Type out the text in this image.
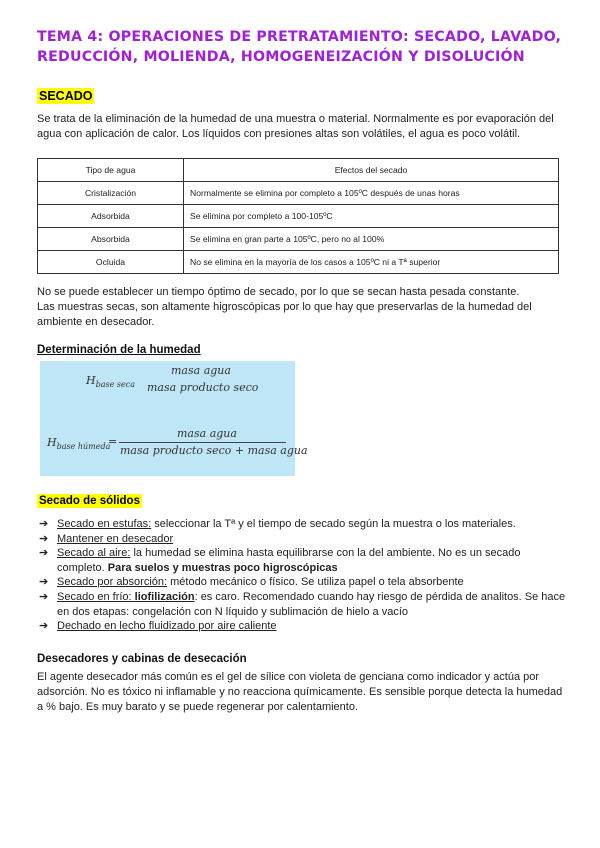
TEMA 4: OPERACIONES DE PRETRATAMIENTO: SECADO, LAVADO, REDUCCIÓN, MOLIENDA, HOMOGENEIZACIÓN Y DISOLUCIÓN
SECADO
Se trata de la eliminación de la humedad de una muestra o material. Normalmente es por evaporación del agua con aplicación de calor. Los líquidos con presiones altas son volátiles, el agua es poco volátil.
Tipo de agua	Efectos del secado
Cristalización	Normalmente se elimina por completo a 105ºC después de unas horas
Adsorbida	Se elimina por completo a 100-105ºC
Absorbida	Se elimina en gran parte a 105ºC, pero no al 100%
Ocluida	No se elimina en la mayoría de los casos a 105ºC ni a Tª superior
No se puede establecer un tiempo óptimo de secado, por lo que se secan hasta pesada constante.
Las muestras secas, son altamente higroscópicas por lo que hay que preservarlas de la humedad del ambiente en desecador.
Determinación de la humedad
$H_{base seca}$
masa agua
masa producto seco
$H_{base húmeda}$
=
masa agua
masa producto seco + masa agua
Secado de sólidos
➔ Secado en estufas: seleccionar la Tª y el tiempo de secado según la muestra o los materiales.
➔ Mantener en desecador
➔ Secado al aire: la humedad se elimina hasta equilibrarse con la del ambiente. No es un secado completo. Para suelos y muestras poco higroscópicas
➔ Secado por absorción: método mecánico o físico. Se utiliza papel o tela absorbente
➔ Secado en frío: liofilización: es caro. Recomendado cuando hay riesgo de pérdida de analitos. Se hace en dos etapas: congelación con N líquido y sublimación de hielo a vacío
➔ Dechado en lecho fluidizado por aire caliente
Desecadores y cabinas de desecación
El agente desecador más común es el gel de sílice con violeta de genciana como indicador y actúa por adsorción. No es tóxico ni inflamable y no reacciona químicamente. Es sensible porque detecta la humedad a % bajo. Es muy barato y se puede regenerar por calentamiento.
